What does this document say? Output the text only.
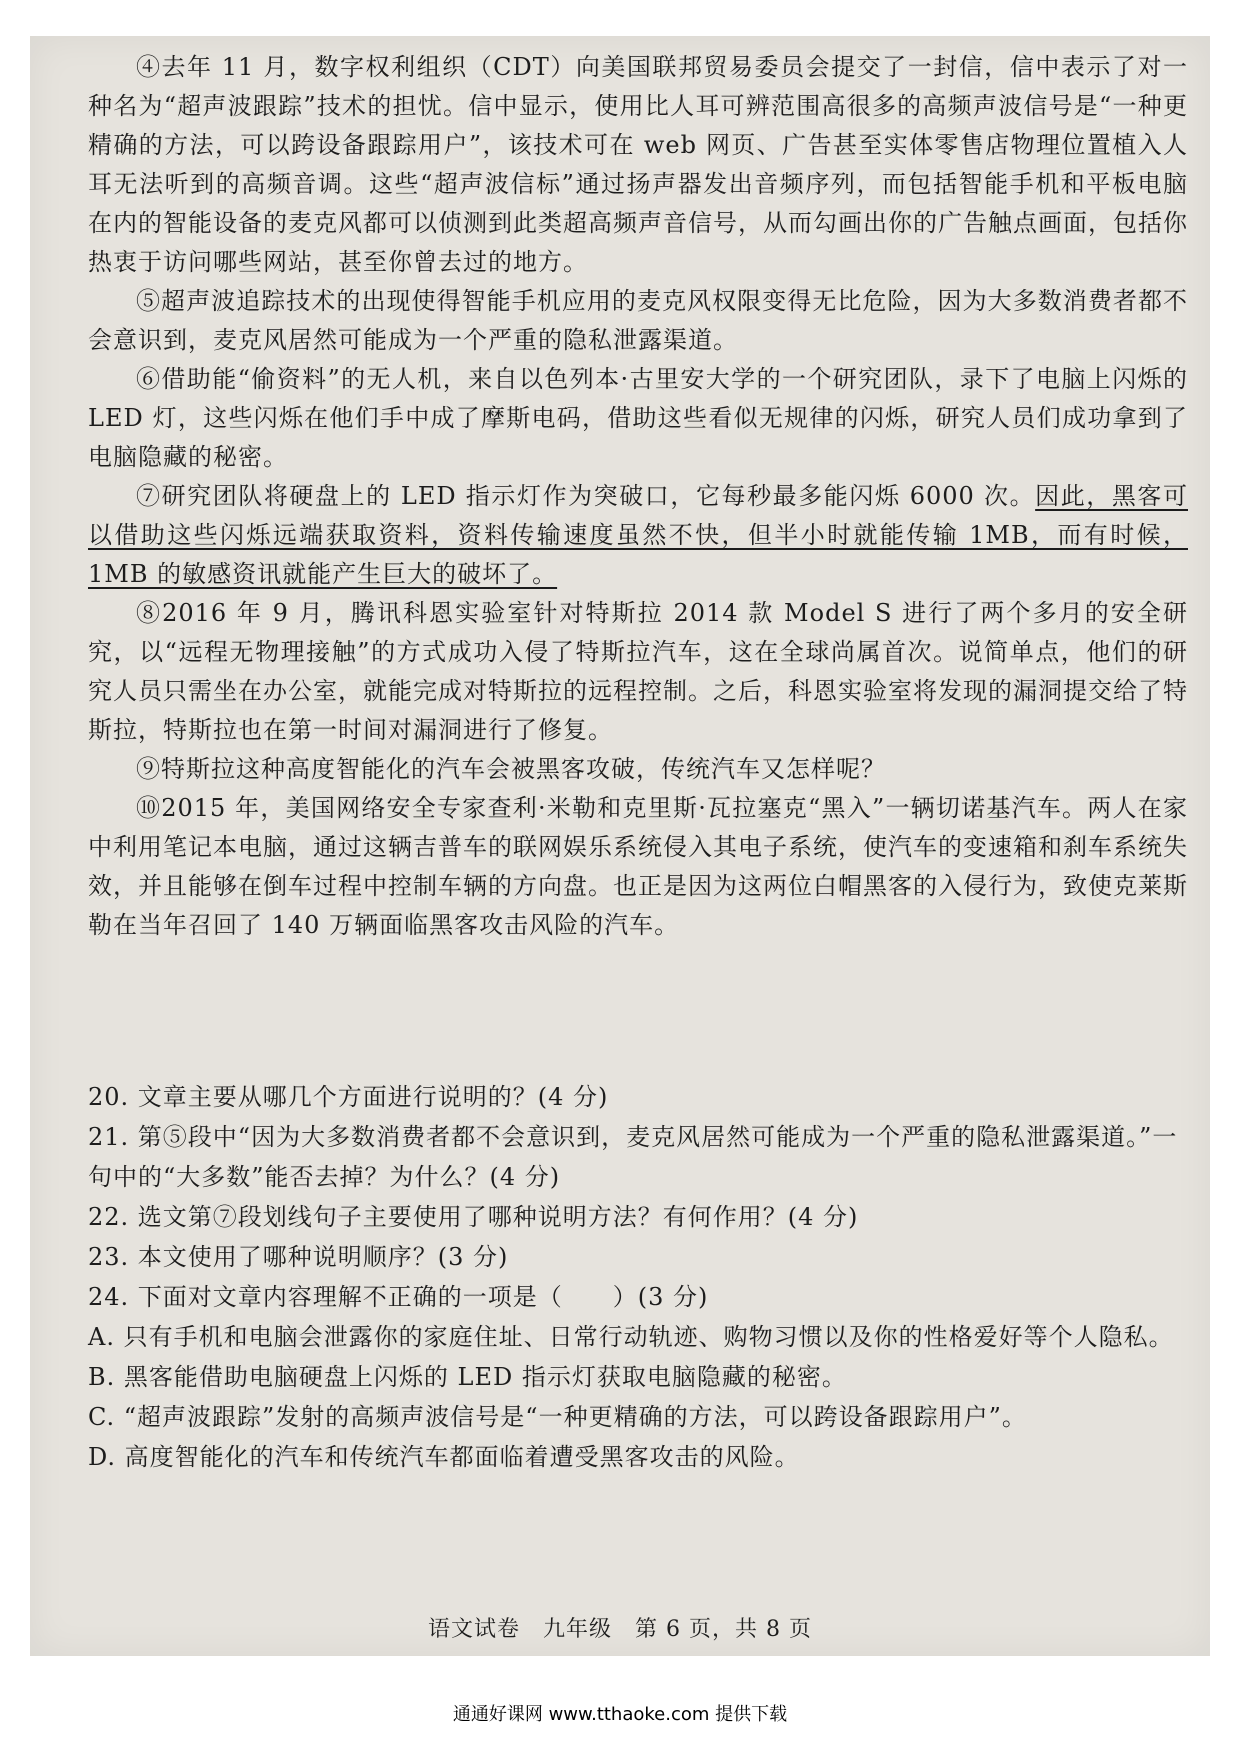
④去年 11 月，数字权利组织（CDT）向美国联邦贸易委员会提交了一封信，信中表示了对一种名为“超声波跟踪”技术的担忧。信中显示，使用比人耳可辨范围高很多的高频声波信号是“一种更精确的方法，可以跨设备跟踪用户”，该技术可在 web 网页、广告甚至实体零售店物理位置植入人耳无法听到的高频音调。这些“超声波信标”通过扬声器发出音频序列，而包括智能手机和平板电脑在内的智能设备的麦克风都可以侦测到此类超高频声音信号，从而勾画出你的广告触点画面，包括你热衷于访问哪些网站，甚至你曾去过的地方。

⑤超声波追踪技术的出现使得智能手机应用的麦克风权限变得无比危险，因为大多数消费者都不会意识到，麦克风居然可能成为一个严重的隐私泄露渠道。

⑥借助能“偷资料”的无人机，来自以色列本·古里安大学的一个研究团队，录下了电脑上闪烁的 LED 灯，这些闪烁在他们手中成了摩斯电码，借助这些看似无规律的闪烁，研究人员们成功拿到了电脑隐藏的秘密。

⑦研究团队将硬盘上的 LED 指示灯作为突破口，它每秒最多能闪烁 6000 次。因此，黑客可以借助这些闪烁远端获取资料，资料传输速度虽然不快，但半小时就能传输 1MB，而有时候，1MB 的敏感资讯就能产生巨大的破坏了。

⑧2016 年 9 月，腾讯科恩实验室针对特斯拉 2014 款 Model S 进行了两个多月的安全研究，以“远程无物理接触”的方式成功入侵了特斯拉汽车，这在全球尚属首次。说简单点，他们的研究人员只需坐在办公室，就能完成对特斯拉的远程控制。之后，科恩实验室将发现的漏洞提交给了特斯拉，特斯拉也在第一时间对漏洞进行了修复。

⑨特斯拉这种高度智能化的汽车会被黑客攻破，传统汽车又怎样呢？

⑩2015 年，美国网络安全专家查利·米勒和克里斯·瓦拉塞克“黑入”一辆切诺基汽车。两人在家中利用笔记本电脑，通过这辆吉普车的联网娱乐系统侵入其电子系统，使汽车的变速箱和刹车系统失效，并且能够在倒车过程中控制车辆的方向盘。也正是因为这两位白帽黑客的入侵行为，致使克莱斯勒在当年召回了 140 万辆面临黑客攻击风险的汽车。

20. 文章主要从哪几个方面进行说明的？(4 分)

21. 第⑤段中“因为大多数消费者都不会意识到，麦克风居然可能成为一个严重的隐私泄露渠道。”一句中的“大多数”能否去掉？为什么？(4 分)

22. 选文第⑦段划线句子主要使用了哪种说明方法？有何作用？(4 分)

23. 本文使用了哪种说明顺序？(3 分)

24. 下面对文章内容理解不正确的一项是（　　）(3 分)

A. 只有手机和电脑会泄露你的家庭住址、日常行动轨迹、购物习惯以及你的性格爱好等个人隐私。

B. 黑客能借助电脑硬盘上闪烁的 LED 指示灯获取电脑隐藏的秘密。

C. “超声波跟踪”发射的高频声波信号是“一种更精确的方法，可以跨设备跟踪用户”。

D. 高度智能化的汽车和传统汽车都面临着遭受黑客攻击的风险。

语文试卷　九年级　第 6 页，共 8 页
通通好课网 www.tthaoke.com 提供下载
